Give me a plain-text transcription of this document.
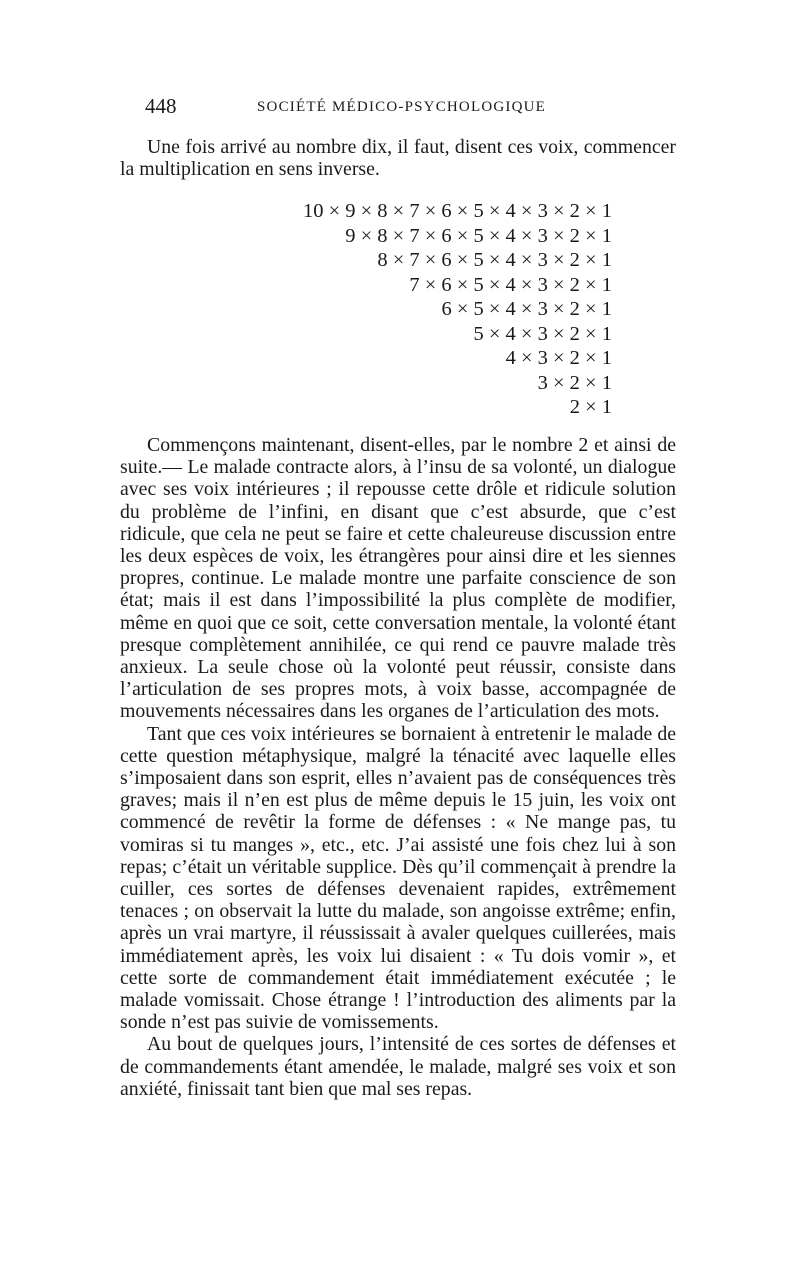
448	SOCIÉTÉ MÉDICO-PSYCHOLOGIQUE

Une fois arrivé au nombre dix, il faut, disent ces voix, commencer la multiplication en sens inverse.

10 × 9 × 8 × 7 × 6 × 5 × 4 × 3 × 2 × 1
9 × 8 × 7 × 6 × 5 × 4 × 3 × 2 × 1
8 × 7 × 6 × 5 × 4 × 3 × 2 × 1
7 × 6 × 5 × 4 × 3 × 2 × 1
6 × 5 × 4 × 3 × 2 × 1
5 × 4 × 3 × 2 × 1
4 × 3 × 2 × 1
3 × 2 × 1
2 × 1

Commençons maintenant, disent-elles, par le nombre 2 et ainsi de suite.— Le malade contracte alors, à l’insu de sa volonté, un dialogue avec ses voix intérieures ; il repousse cette drôle et ridicule solution du problème de l’infini, en disant que c’est absurde, que c’est ridicule, que cela ne peut se faire et cette chaleureuse discussion entre les deux espèces de voix, les étrangères pour ainsi dire et les siennes propres, continue. Le malade montre une parfaite conscience de son état; mais il est dans l’impossibilité la plus complète de modifier, même en quoi que ce soit, cette conversation mentale, la volonté étant presque complètement annihilée, ce qui rend ce pauvre malade très anxieux. La seule chose où la volonté peut réussir, consiste dans l’articulation de ses propres mots, à voix basse, accompagnée de mouvements nécessaires dans les organes de l’articulation des mots.

Tant que ces voix intérieures se bornaient à entretenir le malade de cette question métaphysique, malgré la ténacité avec laquelle elles s’imposaient dans son esprit, elles n’avaient pas de conséquences très graves; mais il n’en est plus de même depuis le 15 juin, les voix ont commencé de revêtir la forme de défenses : « Ne mange pas, tu vomiras si tu manges », etc., etc. J’ai assisté une fois chez lui à son repas; c’était un véritable supplice. Dès qu’il commençait à prendre la cuiller, ces sortes de défenses devenaient rapides, extrêmement tenaces ; on observait la lutte du malade, son angoisse extrême; enfin, après un vrai martyre, il réussissait à avaler quelques cuillerées, mais immédiatement après, les voix lui disaient : « Tu dois vomir », et cette sorte de commandement était immédiatement exécutée ; le malade vomissait. Chose étrange ! l’introduction des aliments par la sonde n’est pas suivie de vomissements.

Au bout de quelques jours, l’intensité de ces sortes de défenses et de commandements étant amendée, le malade, malgré ses voix et son anxiété, finissait tant bien que mal ses repas.
